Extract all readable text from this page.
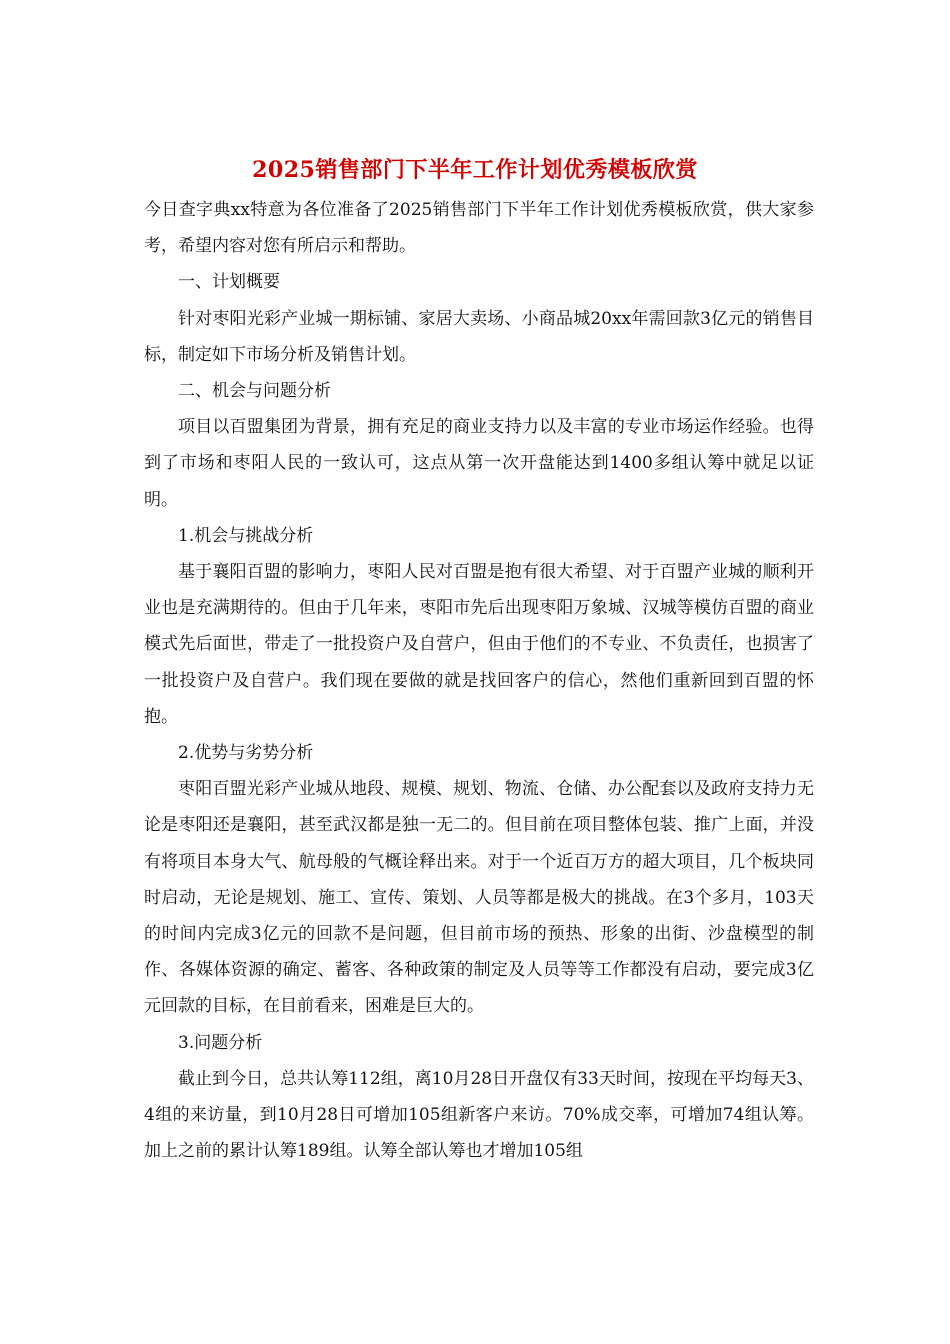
2025销售部门下半年工作计划优秀模板欣赏

今日查字典xx特意为各位准备了2025销售部门下半年工作计划优秀模板欣赏，供大家参考，希望内容对您有所启示和帮助。

一、计划概要

针对枣阳光彩产业城一期标铺、家居大卖场、小商品城20xx年需回款3亿元的销售目标，制定如下市场分析及销售计划。

二、机会与问题分析

项目以百盟集团为背景，拥有充足的商业支持力以及丰富的专业市场运作经验。也得到了市场和枣阳人民的一致认可，这点从第一次开盘能达到1400多组认筹中就足以证明。

1.机会与挑战分析

基于襄阳百盟的影响力，枣阳人民对百盟是抱有很大希望、对于百盟产业城的顺利开业也是充满期待的。但由于几年来，枣阳市先后出现枣阳万象城、汉城等模仿百盟的商业模式先后面世，带走了一批投资户及自营户，但由于他们的不专业、不负责任，也损害了一批投资户及自营户。我们现在要做的就是找回客户的信心，然他们重新回到百盟的怀抱。

2.优势与劣势分析

枣阳百盟光彩产业城从地段、规模、规划、物流、仓储、办公配套以及政府支持力无论是枣阳还是襄阳，甚至武汉都是独一无二的。但目前在项目整体包装、推广上面，并没有将项目本身大气、航母般的气概诠释出来。对于一个近百万方的超大项目，几个板块同时启动，无论是规划、施工、宣传、策划、人员等都是极大的挑战。在3个多月，103天的时间内完成3亿元的回款不是问题，但目前市场的预热、形象的出街、沙盘模型的制作、各媒体资源的确定、蓄客、各种政策的制定及人员等等工作都没有启动，要完成3亿元回款的目标，在目前看来，困难是巨大的。

3.问题分析

截止到今日，总共认筹112组，离10月28日开盘仅有33天时间，按现在平均每天3、4组的来访量，到10月28日可增加105组新客户来访。70%成交率，可增加74组认筹。加上之前的累计认筹189组。认筹全部认筹也才增加105组
